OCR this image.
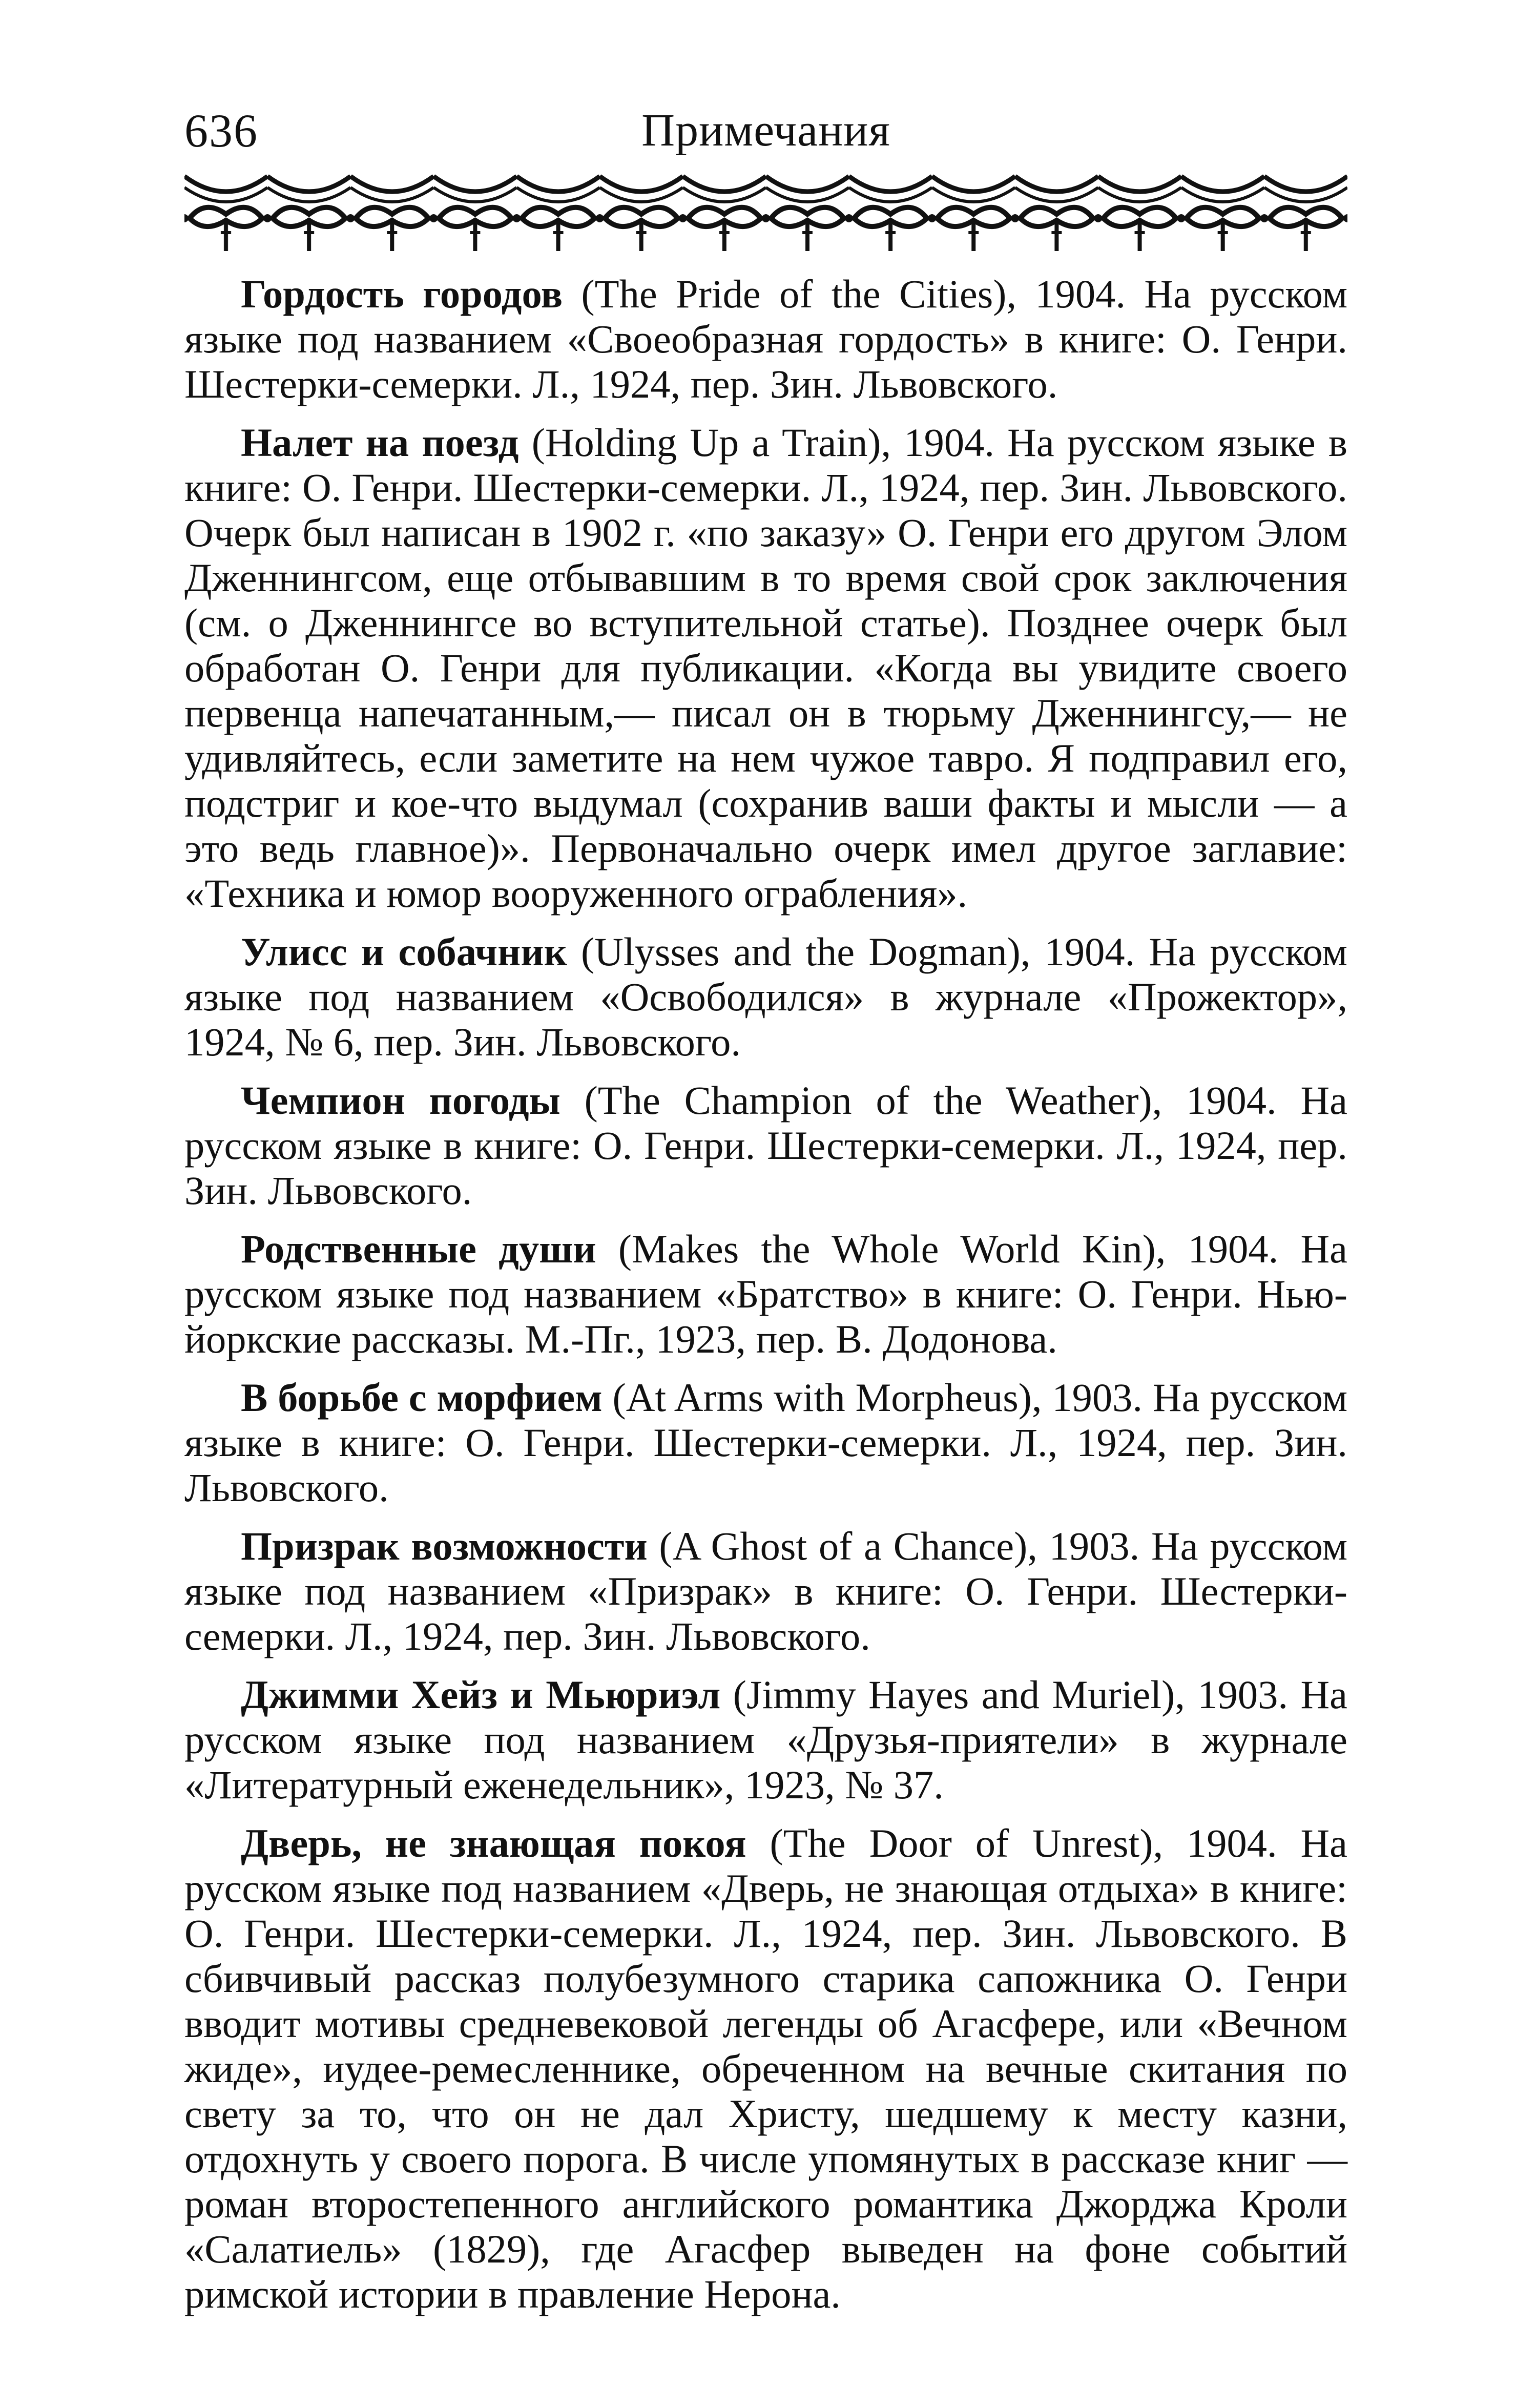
636	Примечания

Гордость городов (The Pride of the Cities), 1904. На русском языке под названием «Своеобразная гордость» в книге: О. Генри. Шестерки-семерки. Л., 1924, пер. Зин. Львовского.

Налет на поезд (Holding Up a Train), 1904. На русском языке в книге: О. Генри. Шестерки-семерки. Л., 1924, пер. Зин. Львовского. Очерк был написан в 1902 г. «по заказу» О. Генри его другом Элом Дженнингсом, еще отбывавшим в то время свой срок заключения (см. о Дженнингсе во вступительной статье). Позднее очерк был обработан О. Генри для публикации. «Когда вы увидите своего первенца напечатанным,— писал он в тюрьму Дженнингсу,— не удивляйтесь, если заметите на нем чужое тавро. Я подправил его, подстриг и кое-что выдумал (сохранив ваши факты и мысли — а это ведь главное)». Первоначально очерк имел другое заглавие: «Техника и юмор вооруженного ограбления».

Улисс и собачник (Ulysses and the Dogman), 1904. На русском языке под названием «Освободился» в журнале «Прожектор», 1924, № 6, пер. Зин. Львовского.

Чемпион погоды (The Champion of the Weather), 1904. На русском языке в книге: О. Генри. Шестерки-семерки. Л., 1924, пер. Зин. Львовского.

Родственные души (Makes the Whole World Kin), 1904. На русском языке под названием «Братство» в книге: О. Генри. Нью-йоркские рассказы. М.-Пг., 1923, пер. В. Додонова.

В борьбе с морфием (At Arms with Morpheus), 1903. На русском языке в книге: О. Генри. Шестерки-семерки. Л., 1924, пер. Зин. Львовского.

Призрак возможности (A Ghost of a Chance), 1903. На русском языке под названием «Призрак» в книге: О. Генри. Шестерки-семерки. Л., 1924, пер. Зин. Львовского.

Джимми Хейз и Мьюриэл (Jimmy Hayes and Muriel), 1903. На русском языке под названием «Друзья-приятели» в журнале «Литературный еженедельник», 1923, № 37.

Дверь, не знающая покоя (The Door of Unrest), 1904. На русском языке под названием «Дверь, не знающая отдыха» в книге: О. Генри. Шестерки-семерки. Л., 1924, пер. Зин. Львовского. В сбивчивый рассказ полубезумного старика сапожника О. Генри вводит мотивы средневековой легенды об Агасфере, или «Вечном жиде», иудее-ремесленнике, обреченном на вечные скитания по свету за то, что он не дал Христу, шедшему к месту казни, отдохнуть у своего порога. В числе упомянутых в рассказе книг — роман второстепенного английского романтика Джорджа Кроли «Салатиель» (1829), где Агасфер выведен на фоне событий римской истории в правление Нерона.
